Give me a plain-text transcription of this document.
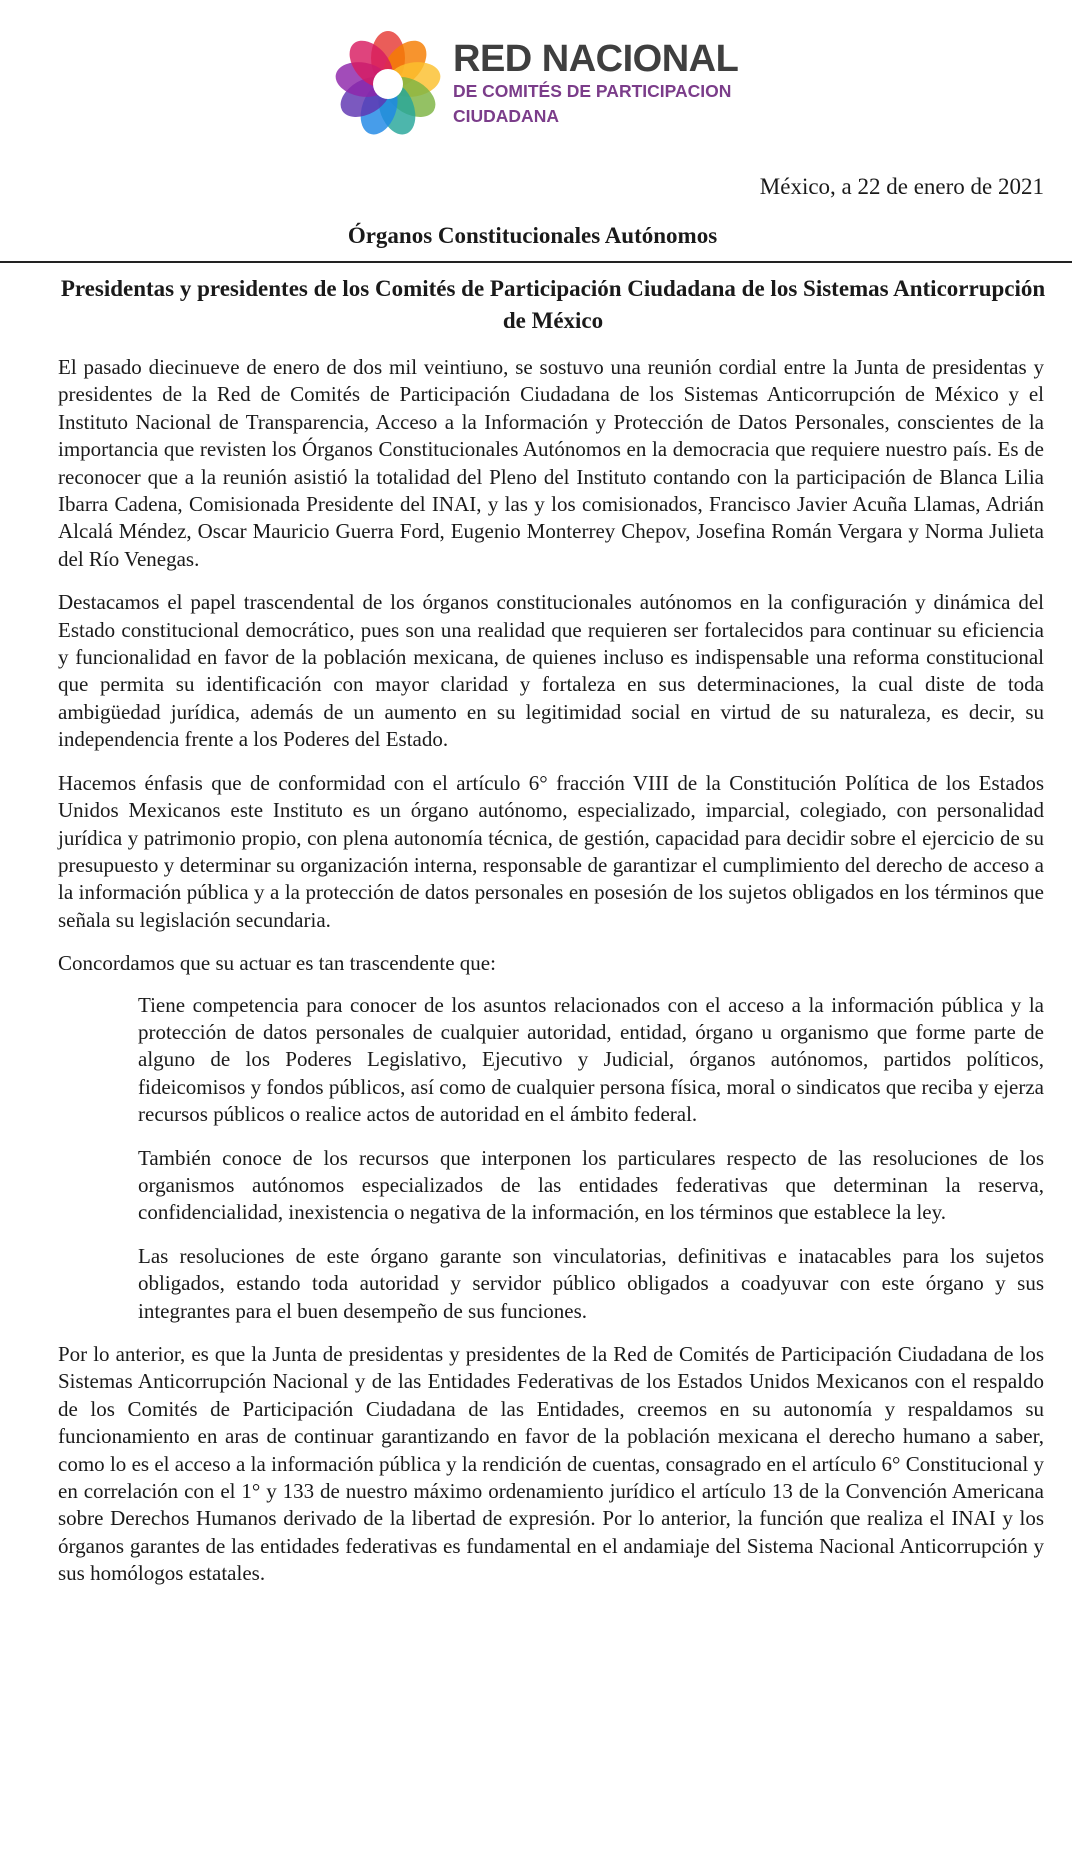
RED NACIONAL
DE COMITÉS DE PARTICIPACION
CIUDADANA
México, a 22 de enero de 2021
Órganos Constitucionales Autónomos
Presidentas y presidentes de los Comités de Participación Ciudadana de los Sistemas Anticorrupción de México

El pasado diecinueve de enero de dos mil veintiuno, se sostuvo una reunión cordial entre la Junta de presidentas y presidentes de la Red de Comités de Participación Ciudadana de los Sistemas Anticorrupción de México y el Instituto Nacional de Transparencia, Acceso a la Información y Protección de Datos Personales, conscientes de la importancia que revisten los Órganos Constitucionales Autónomos en la democracia que requiere nuestro país. Es de reconocer que a la reunión asistió la totalidad del Pleno del Instituto contando con la participación de Blanca Lilia Ibarra Cadena, Comisionada Presidente del INAI, y las y los comisionados, Francisco Javier Acuña Llamas, Adrián Alcalá Méndez, Oscar Mauricio Guerra Ford, Eugenio Monterrey Chepov, Josefina Román Vergara y Norma Julieta del Río Venegas.

Destacamos el papel trascendental de los órganos constitucionales autónomos en la configuración y dinámica del Estado constitucional democrático, pues son una realidad que requieren ser fortalecidos para continuar su eficiencia y funcionalidad en favor de la población mexicana, de quienes incluso es indispensable una reforma constitucional que permita su identificación con mayor claridad y fortaleza en sus determinaciones, la cual diste de toda ambigüedad jurídica, además de un aumento en su legitimidad social en virtud de su naturaleza, es decir, su independencia frente a los Poderes del Estado.

Hacemos énfasis que de conformidad con el artículo 6° fracción VIII de la Constitución Política de los Estados Unidos Mexicanos este Instituto es un órgano autónomo, especializado, imparcial, colegiado, con personalidad jurídica y patrimonio propio, con plena autonomía técnica, de gestión, capacidad para decidir sobre el ejercicio de su presupuesto y determinar su organización interna, responsable de garantizar el cumplimiento del derecho de acceso a la información pública y a la protección de datos personales en posesión de los sujetos obligados en los términos que señala su legislación secundaria.

Concordamos que su actuar es tan trascendente que:

Tiene competencia para conocer de los asuntos relacionados con el acceso a la información pública y la protección de datos personales de cualquier autoridad, entidad, órgano u organismo que forme parte de alguno de los Poderes Legislativo, Ejecutivo y Judicial, órganos autónomos, partidos políticos, fideicomisos y fondos públicos, así como de cualquier persona física, moral o sindicatos que reciba y ejerza recursos públicos o realice actos de autoridad en el ámbito federal.

También conoce de los recursos que interponen los particulares respecto de las resoluciones de los organismos autónomos especializados de las entidades federativas que determinan la reserva, confidencialidad, inexistencia o negativa de la información, en los términos que establece la ley.

Las resoluciones de este órgano garante son vinculatorias, definitivas e inatacables para los sujetos obligados, estando toda autoridad y servidor público obligados a coadyuvar con este órgano y sus integrantes para el buen desempeño de sus funciones.

Por lo anterior, es que la Junta de presidentas y presidentes de la Red de Comités de Participación Ciudadana de los Sistemas Anticorrupción Nacional y de las Entidades Federativas de los Estados Unidos Mexicanos con el respaldo de los Comités de Participación Ciudadana de las Entidades, creemos en su autonomía y respaldamos su funcionamiento en aras de continuar garantizando en favor de la población mexicana el derecho humano a saber, como lo es el acceso a la información pública y la rendición de cuentas, consagrado en el artículo 6° Constitucional y en correlación con el 1° y 133 de nuestro máximo ordenamiento jurídico el artículo 13 de la Convención Americana sobre Derechos Humanos derivado de la libertad de expresión. Por lo anterior, la función que realiza el INAI y los órganos garantes de las entidades federativas es fundamental en el andamiaje del Sistema Nacional Anticorrupción y sus homólogos estatales.
